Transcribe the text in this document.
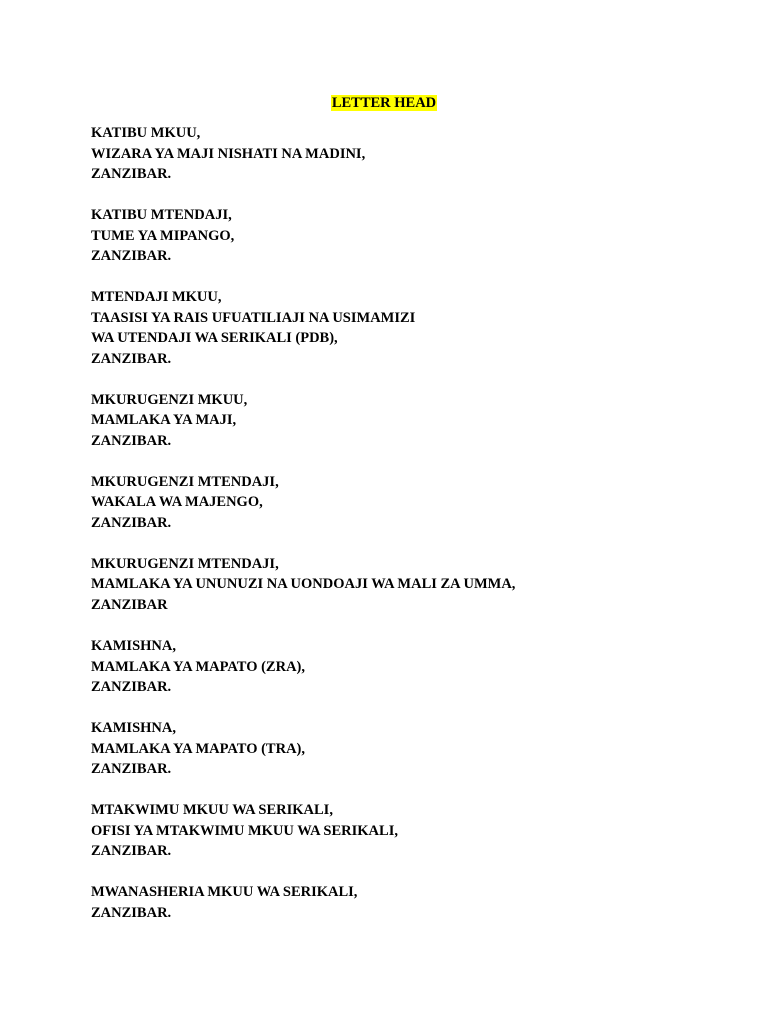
LETTER HEAD
KATIBU MKUU,
WIZARA YA MAJI NISHATI NA MADINI,
ZANZIBAR.
KATIBU MTENDAJI,
TUME YA MIPANGO,
ZANZIBAR.
MTENDAJI MKUU,
TAASISI YA RAIS UFUATILIAJI NA USIMAMIZI
WA UTENDAJI WA SERIKALI (PDB),
ZANZIBAR.
MKURUGENZI MKUU,
MAMLAKA YA MAJI,
ZANZIBAR.
MKURUGENZI MTENDAJI,
WAKALA WA MAJENGO,
ZANZIBAR.
MKURUGENZI MTENDAJI,
MAMLAKA YA UNUNUZI NA UONDOAJI WA MALI ZA UMMA,
ZANZIBAR
KAMISHNA,
MAMLAKA YA MAPATO (ZRA),
ZANZIBAR.
KAMISHNA,
MAMLAKA YA MAPATO (TRA),
ZANZIBAR.
MTAKWIMU MKUU WA SERIKALI,
OFISI YA MTAKWIMU MKUU WA SERIKALI,
ZANZIBAR.
MWANASHERIA MKUU WA SERIKALI,
ZANZIBAR.
